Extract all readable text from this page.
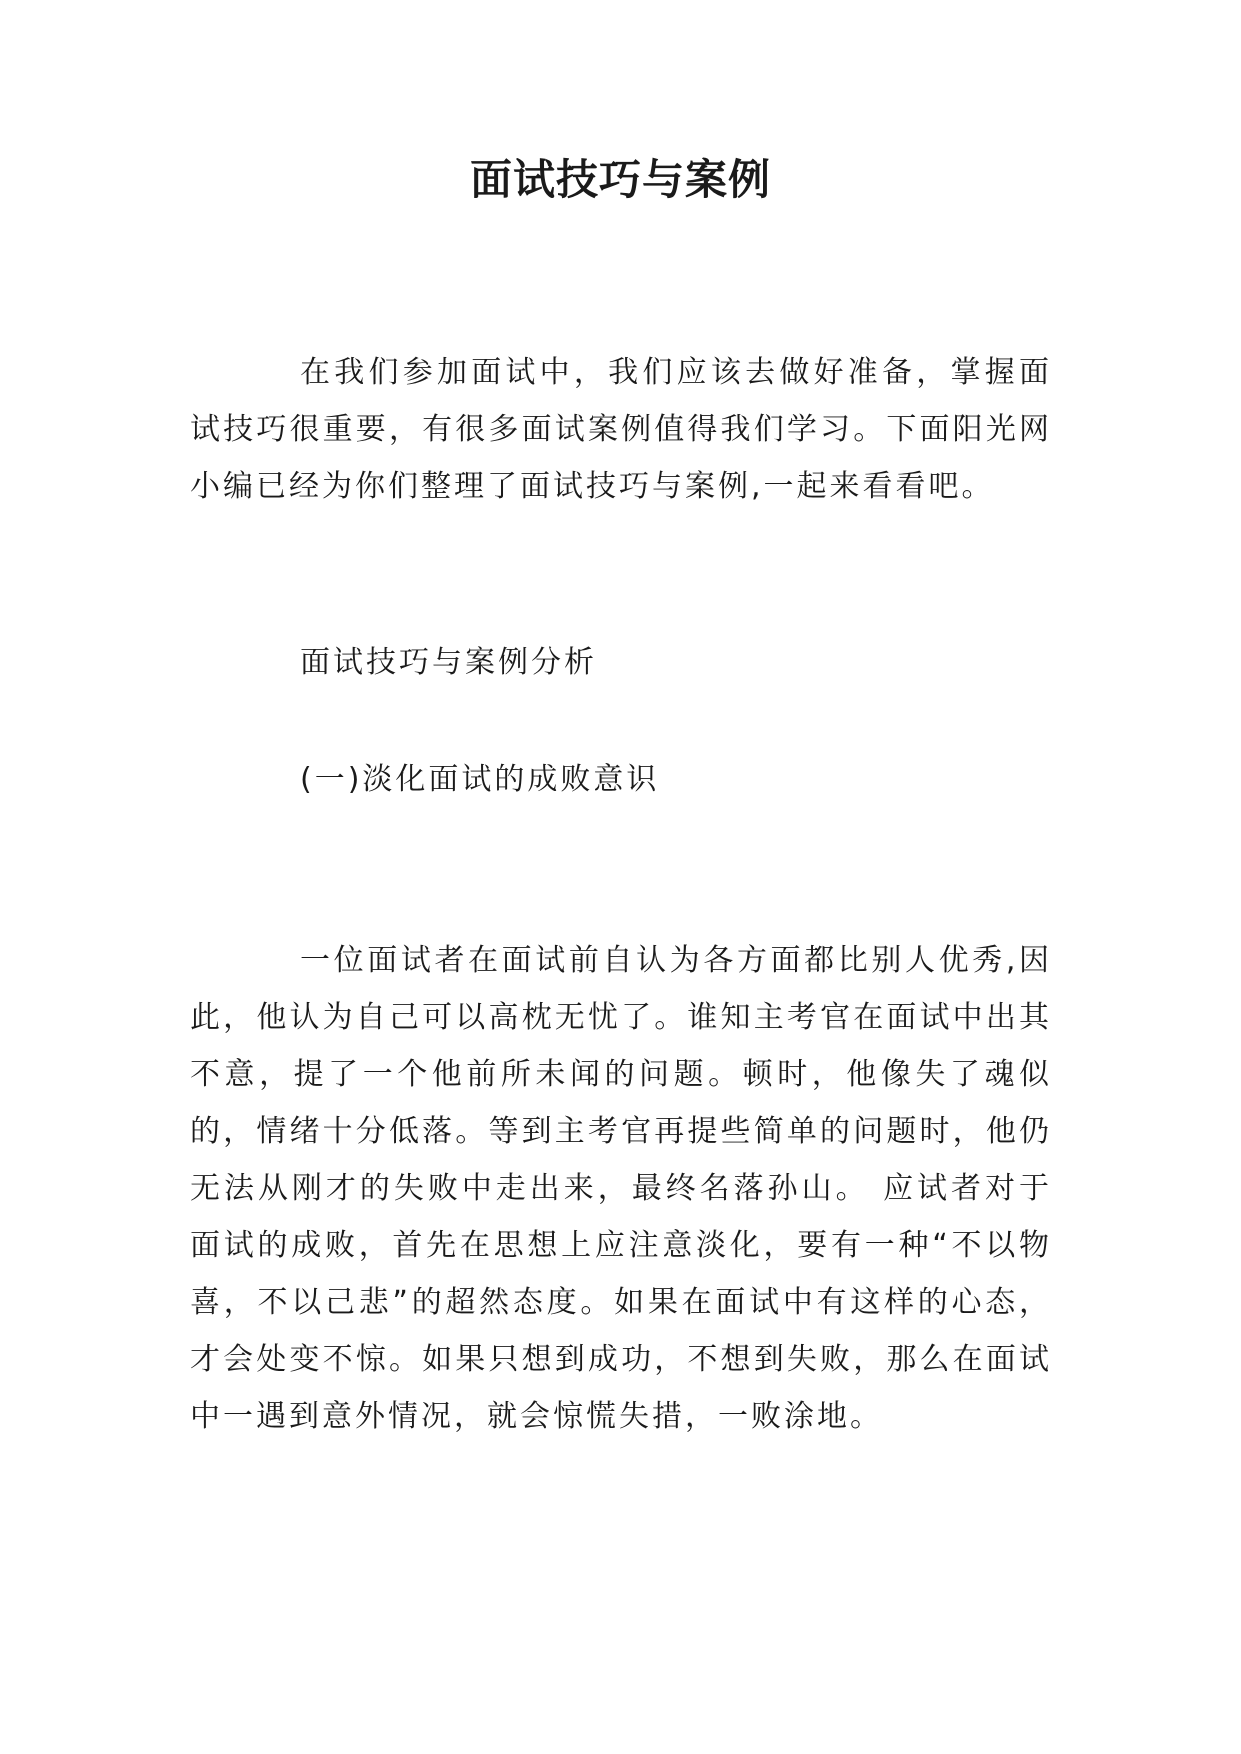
面试技巧与案例

在我们参加面试中，我们应该去做好准备，掌握面试技巧很重要，有很多面试案例值得我们学习。下面阳光网小编已经为你们整理了面试技巧与案例,一起来看看吧。

面试技巧与案例分析

(一)淡化面试的成败意识

一位面试者在面试前自认为各方面都比别人优秀,因此，他认为自己可以高枕无忧了。谁知主考官在面试中出其不意，提了一个他前所未闻的问题。顿时，他像失了魂似的，情绪十分低落。等到主考官再提些简单的问题时，他仍无法从刚才的失败中走出来，最终名落孙山。 应试者对于面试的成败，首先在思想上应注意淡化，要有一种“不以物喜，不以己悲”的超然态度。如果在面试中有这样的心态，才会处变不惊。如果只想到成功，不想到失败，那么在面试中一遇到意外情况，就会惊慌失措，一败涂地。
